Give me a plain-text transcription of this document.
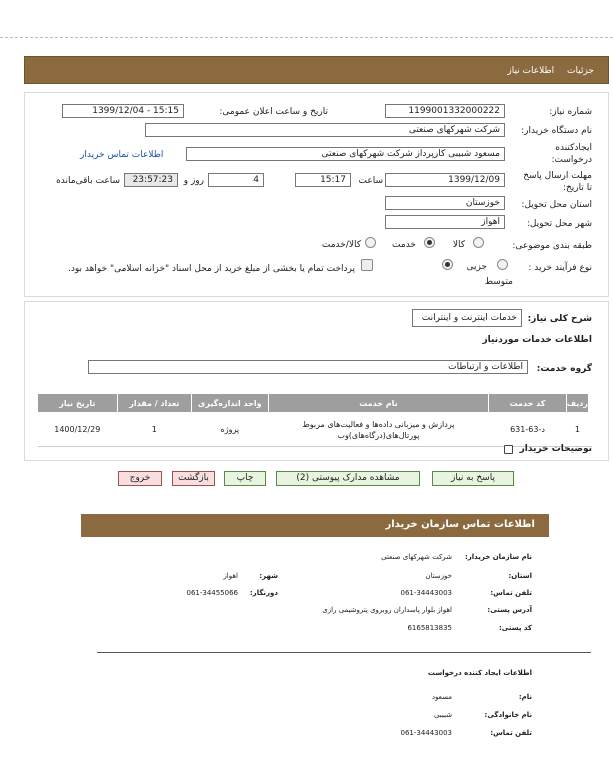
جزئیات اطلاعات نیاز
شماره نیاز:
1199001332000222
تاریخ و ساعت اعلان عمومی:
1399/12/04 - 15:15
نام دستگاه خریدار:
شرکت شهرکهای صنعتی
ایجادکننده درخواست:
مسعود شبیبی کارپرداز شرکت شهرکهای صنعتی
اطلاعات تماس خریدار
مهلت ارسال پاسخ تا تاریخ:
1399/12/09
ساعت
15:17
4
روز و
23:57:23
ساعت باقی‌مانده
استان محل تحویل:
خوزستان
شهر محل تحویل:
اهواز
طبقه بندی موضوعی:
کالا
خدمت
کالا/خدمت
نوع فرآیند خرید :
جزیی
متوسط
پرداخت تمام یا بخشی از مبلغ خرید از محل اسناد "خزانه اسلامی" خواهد بود.
شرح کلی نیاز:
خدمات اینترنت و اینترانت
اطلاعات خدمات موردنیاز
گروه خدمت:
اطلاعات و ارتباطات
ردیف	کد خدمت	نام خدمت	واحد اندازه‌گیری	تعداد / مقدار	تاریخ نیاز
1	د-63-631	پردازش و میزبانی داده‌ها و فعالیت‌های مربوط پورتال‌های(درگاه‌های)وب	پروژه	1	1400/12/29
توضیحات خریدار
پاسخ به نیاز
مشاهده مدارک پیوستی (2)
چاپ
بازگشت
خروج
اطلاعات تماس سازمان خریدار
نام سازمان خریدار:
شرکت شهرکهای صنعتی
استان:
خوزستان
شهر:
اهواز
تلفن تماس:
061-34443003
دورنگار:
061-34455066
آدرس پستی:
اهواز بلوار پاسداران روبروی پتروشیمی رازی
کد پستی:
6165813835
اطلاعات ایجاد کننده درخواست
نام:
مسعود
نام خانوادگی:
شبیبی
تلفن تماس:
061-34443003
